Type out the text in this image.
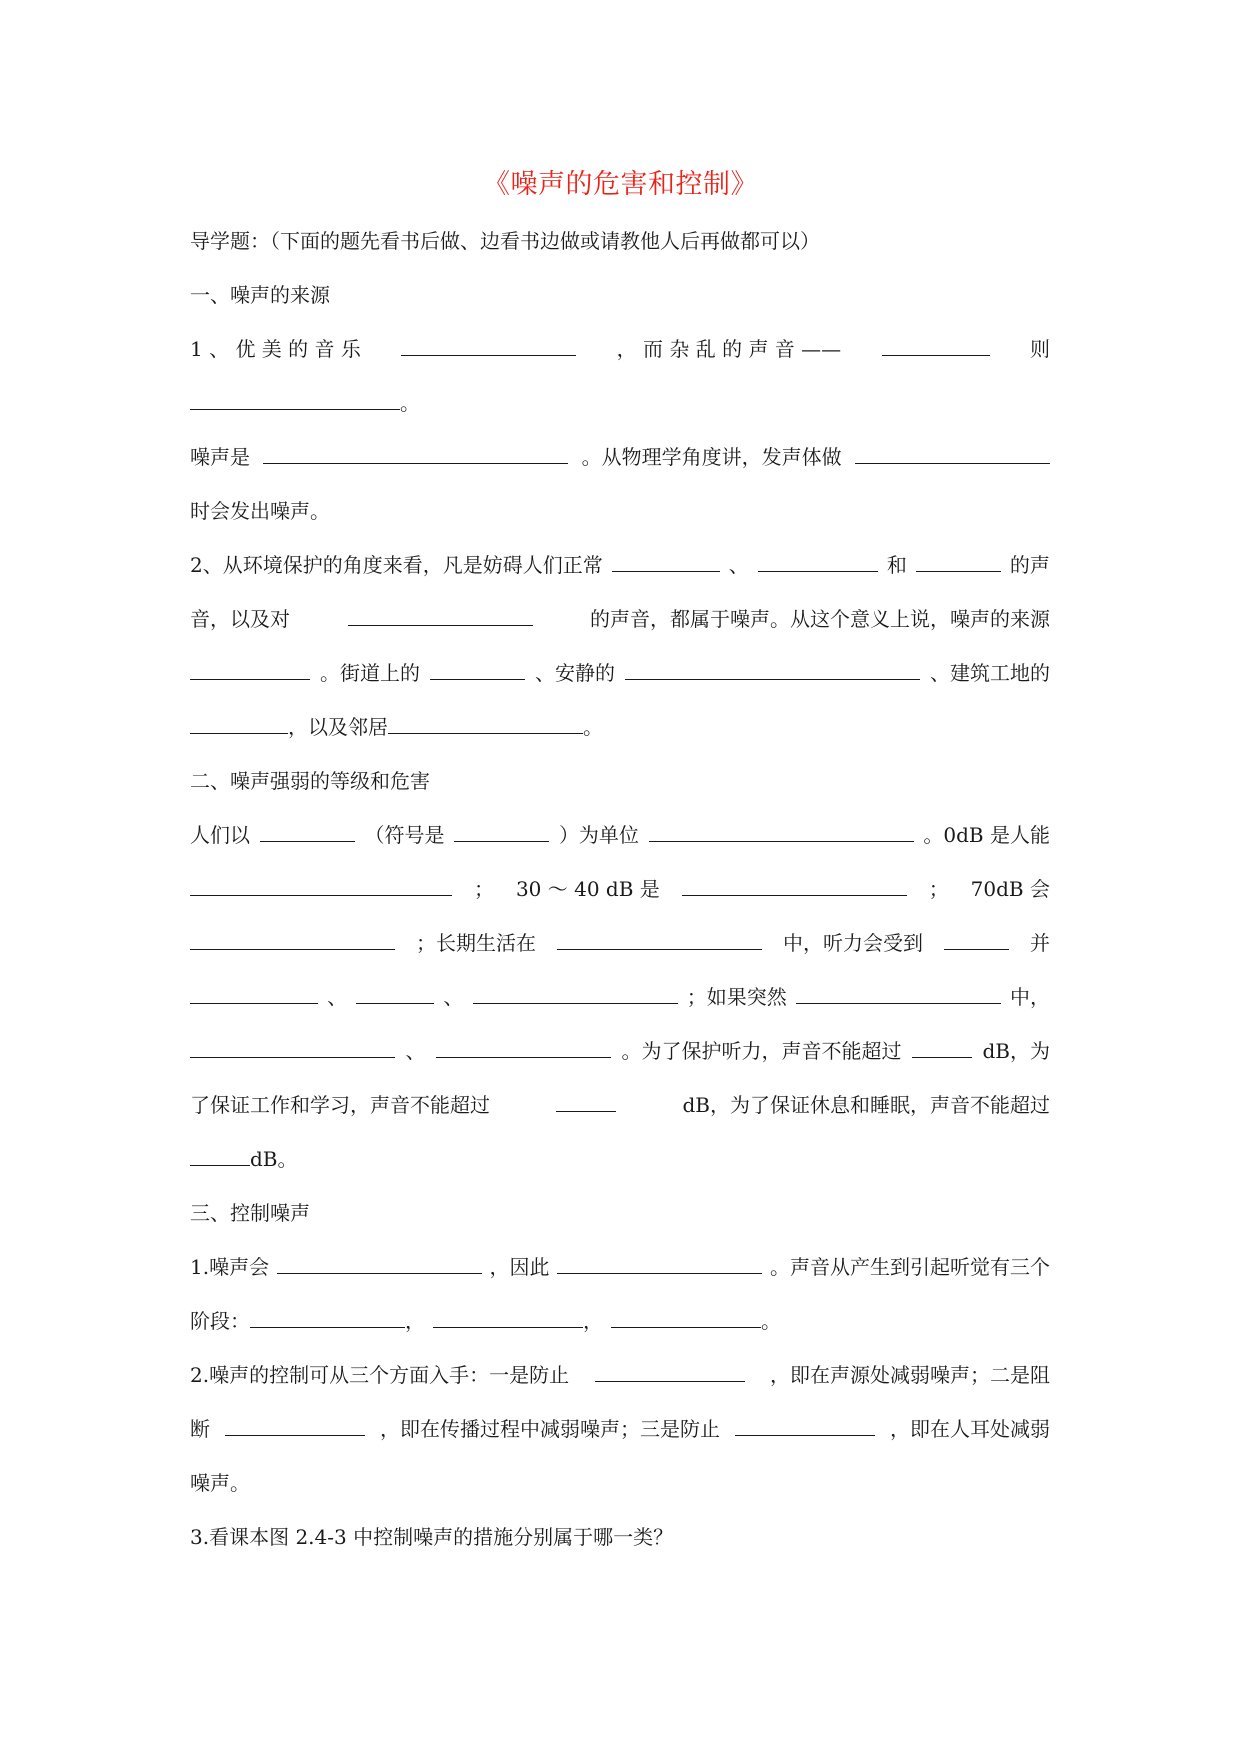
《噪声的危害和控制》
导学题：（下面的题先看书后做、边看书边做或请教他人后再做都可以）
一、噪声的来源
1 、 优 美 的 音 乐	， 而 杂 乱 的 声 音 ——	则
。
噪声是	。从物理学角度讲，发声体做
时会发出噪声。
2、从环境保护的角度来看，凡是妨碍人们正常	、	和	的声
音，以及对	的声音，都属于噪声。从这个意义上说，噪声的来源
。街道上的	、安静的	、建筑工地的
，以及邻居	。
二、噪声强弱的等级和危害
人们以	（符号是	）为单位	。0dB 是人能
； 30 ～ 40 dB 是	； 70dB 会
；长期生活在	中，听力会受到	并
、	、	；如果突然	中，
、	。为了保护听力，声音不能超过	dB，为
了保证工作和学习，声音不能超过	dB，为了保证休息和睡眠，声音不能超过
dB。
三、控制噪声
1.噪声会	，因此	。声音从产生到引起听觉有三个
阶段：	，	，	。
2.噪声的控制可从三个方面入手：一是防止	，即在声源处减弱噪声；二是阻
断	，即在传播过程中减弱噪声；三是防止	，即在人耳处减弱
噪声。
3.看课本图 2.4-3 中控制噪声的措施分别属于哪一类？
